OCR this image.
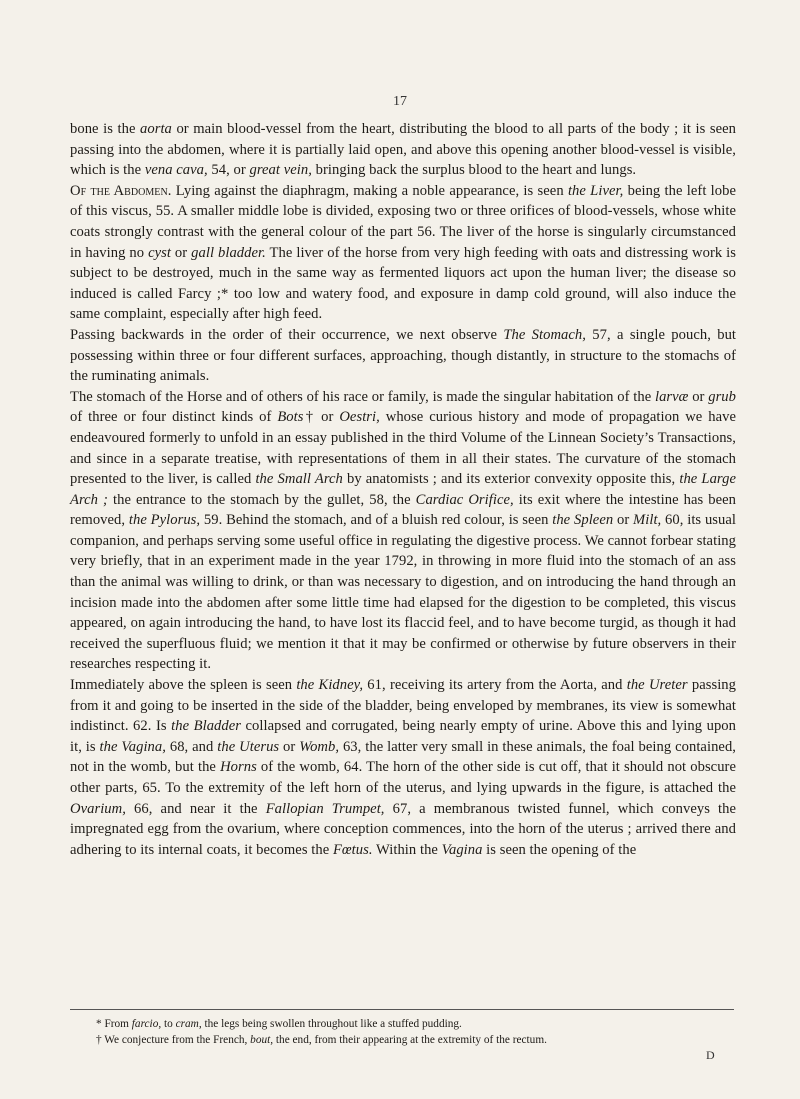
17

bone is the aorta or main blood-vessel from the heart, distributing the blood to all parts of the body ; it is seen passing into the abdomen, where it is partially laid open, and above this opening another blood-vessel is visible, which is the vena cava, 54, or great vein, bringing back the surplus blood to the heart and lungs.

Of the Abdomen. Lying against the diaphragm, making a noble appearance, is seen the Liver, being the left lobe of this viscus, 55. A smaller middle lobe is divided, exposing two or three orifices of blood-vessels, whose white coats strongly contrast with the general colour of the part 56. The liver of the horse is singularly circumstanced in having no cyst or gall bladder. The liver of the horse from very high feeding with oats and distressing work is subject to be destroyed, much in the same way as fermented liquors act upon the human liver; the disease so induced is called Farcy ;* too low and watery food, and exposure in damp cold ground, will also induce the same complaint, especially after high feed.

Passing backwards in the order of their occurrence, we next observe The Stomach, 57, a single pouch, but possessing within three or four different surfaces, approaching, though distantly, in structure to the stomachs of the ruminating animals.

The stomach of the Horse and of others of his race or family, is made the singular habitation of the larvæ or grub of three or four distinct kinds of Bots† or Oestri, whose curious history and mode of propagation we have endeavoured formerly to unfold in an essay published in the third Volume of the Linnean Society’s Transactions, and since in a separate treatise, with representations of them in all their states. The curvature of the stomach presented to the liver, is called the Small Arch by anatomists ; and its exterior convexity opposite this, the Large Arch ; the entrance to the stomach by the gullet, 58, the Cardiac Orifice, its exit where the intestine has been removed, the Pylorus, 59. Behind the stomach, and of a bluish red colour, is seen the Spleen or Milt, 60, its usual companion, and perhaps serving some useful office in regulating the digestive process. We cannot forbear stating very briefly, that in an experiment made in the year 1792, in throwing in more fluid into the stomach of an ass than the animal was willing to drink, or than was necessary to digestion, and on introducing the hand through an incision made into the abdomen after some little time had elapsed for the digestion to be completed, this viscus appeared, on again introducing the hand, to have lost its flaccid feel, and to have become turgid, as though it had received the superfluous fluid; we mention it that it may be confirmed or otherwise by future observers in their researches respecting it.

Immediately above the spleen is seen the Kidney, 61, receiving its artery from the Aorta, and the Ureter passing from it and going to be inserted in the side of the bladder, being enveloped by membranes, its view is somewhat indistinct. 62. Is the Bladder collapsed and corrugated, being nearly empty of urine. Above this and lying upon it, is the Vagina, 68, and the Uterus or Womb, 63, the latter very small in these animals, the foal being contained, not in the womb, but the Horns of the womb, 64. The horn of the other side is cut off, that it should not obscure other parts, 65. To the extremity of the left horn of the uterus, and lying upwards in the figure, is attached the Ovarium, 66, and near it the Fallopian Trumpet, 67, a membranous twisted funnel, which conveys the impregnated egg from the ovarium, where conception commences, into the horn of the uterus ; arrived there and adhering to its internal coats, it becomes the Fœtus. Within the Vagina is seen the opening of the

* From farcio, to cram, the legs being swollen throughout like a stuffed pudding.

† We conjecture from the French, bout, the end, from their appearing at the extremity of the rectum.

D
